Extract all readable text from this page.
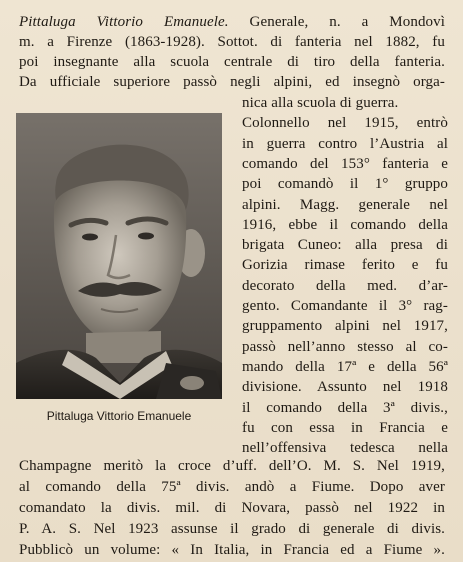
Pittaluga Vittorio Emanuele. Generale, n. a Mondovì
m. a Firenze (1863-1928). Sottot. di fanteria nel 1882, fu
poi insegnante alla scuola centrale di tiro della fanteria.
Da ufficiale superiore passò negli alpini, ed insegnò orga-
nica alla scuola di guerra.
Colonnello nel 1915, entrò
in guerra contro l’Austria al
comando del 153° fanteria e
poi comandò il 1° gruppo
alpini. Magg. generale nel
1916, ebbe il comando della
brigata Cuneo: alla presa di
Gorizia rimase ferito e fu
decorato della med. d’ar-
gento. Comandante il 3° rag-
gruppamento alpini nel 1917,
passò nell’anno stesso al co-
mando della 17ª e della 56ª
divisione. Assunto nel 1918
il comando della 3ª divis.,
fu con essa in Francia e
nell’offensiva tedesca nella
Champagne meritò la croce d’uff. dell’O. M. S. Nel 1919,
al comando della 75ª divis. andò a Fiume. Dopo aver
comandato la divis. mil. di Novara, passò nel 1922 in
P. A. S. Nel 1923 assunse il grado di generale di divis.
Pittaluga Vittorio Emanuele
Pubblicò un volume: « In Italia, in Francia ed a Fiume ».
